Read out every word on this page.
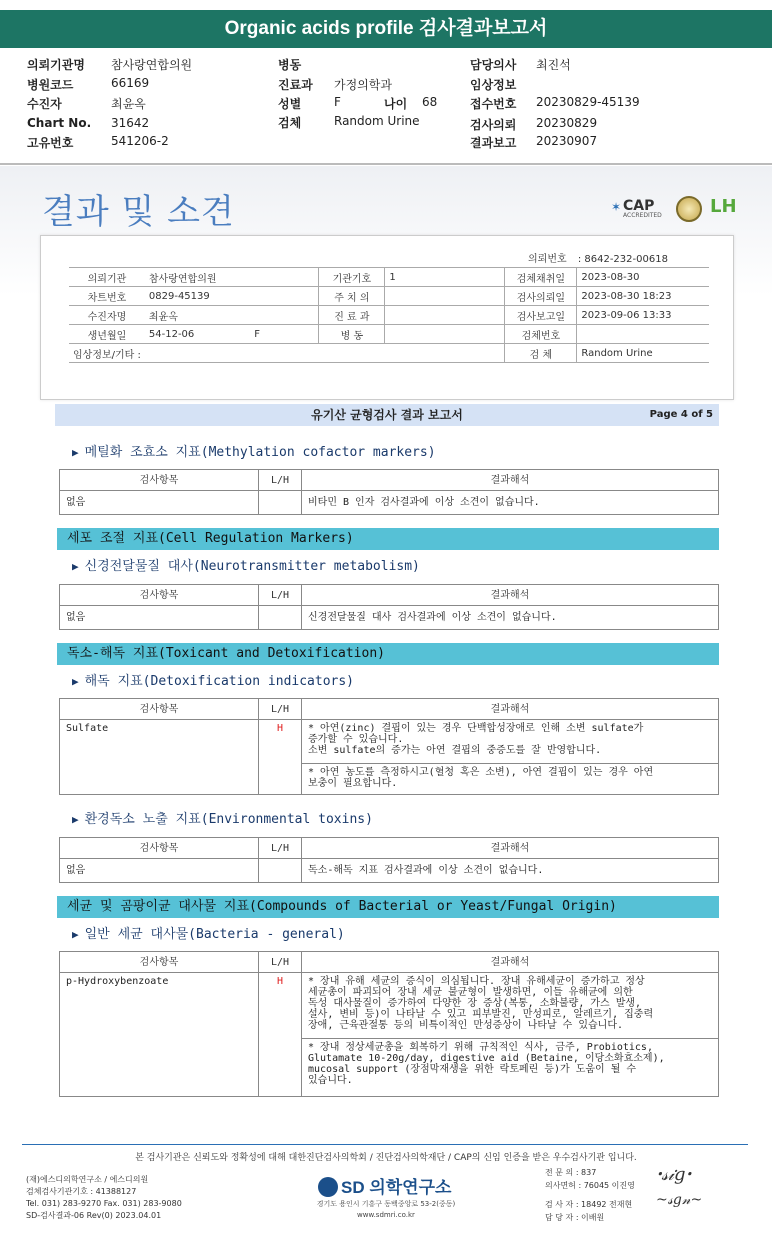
Organic acids profile 검사결과보고서
의뢰기관명 참사랑연합의원
병원코드	66169
수진자	최윤옥
Chart No. 31642
고유번호	541206-2
병동
진료과 가정의학과
성별	F	나이 68
검체	Random Urine
담당의사 최진석
임상정보
접수번호 20230829-45139
검사의뢰 20230829
결과보고 20230907
결과 및 소견	✶ CAP
ACCREDITED	LH
의뢰번호 : 8642-232-00618
의뢰기관	참사랑연합의원	기관기호	1	검체채취일	2023-08-30
차트번호	0829-45139	주 치 의		검사의뢰일	2023-08-30 18:23
수진자명	최윤옥	진 료 과		검사보고일	2023-09-06 13:33
생년월일	54-12-06 F	병 동		검체번호	
임상정보/기타 :				검 체	Random Urine
유기산 균형검사 결과 보고서	Page 4 of 5
▶ 메틸화 조효소 지표(Methylation cofactor markers)
검사항목	L/H	결과해석
없음		비타민 B 인자 검사결과에 이상 소견이 없습니다.
세포 조절 지표(Cell Regulation Markers)
▶ 신경전달물질 대사(Neurotransmitter metabolism)
검사항목	L/H	결과해석
없음		신경전달물질 대사 검사결과에 이상 소견이 없습니다.
독소-해독 지표(Toxicant and Detoxification)
▶ 해독 지표(Detoxification indicators)
검사항목	L/H	결과해석
Sulfate	H	* 아연(zinc) 결핍이 있는 경우 단백합성장애로 인해 소변 sulfate가
증가할 수 있습니다.
소변 sulfate의 증가는 아연 결핍의 중증도를 잘 반영합니다.
		* 아연 농도를 측정하시고(혈청 혹은 소변), 아연 결핍이 있는 경우 아연
보충이 필요합니다.
▶ 환경독소 노출 지표(Environmental toxins)
검사항목	L/H	결과해석
없음		독소-해독 지표 검사결과에 이상 소견이 없습니다.
세균 및 곰팡이균 대사물 지표(Compounds of Bacterial or Yeast/Fungal Origin)
▶ 일반 세균 대사물(Bacteria - general)
검사항목	L/H	결과해석
p-Hydroxybenzoate	H	* 장내 유해 세균의 증식이 의심됩니다. 장내 유해세균이 증가하고 정상
세균총이 파괴되어 장내 세균 불균형이 발생하면, 이들 유해균에 의한
독성 대사물질이 증가하여 다양한 장 증상(복통, 소화불량, 가스 발생,
설사, 변비 등)이 나타날 수 있고 피부발진, 만성피로, 알레르기, 집중력
장애, 근육관절통 등의 비특이적인 만성증상이 나타날 수 있습니다.
		* 장내 정상세균총을 회복하기 위해 규칙적인 식사, 금주, Probiotics,
Glutamate 10-20g/day, digestive aid (Betaine, 이당소화효소제),
mucosal support (장점막재생을 위한 락토페린 등)가 도움이 될 수
있습니다.
본 검사기관은 신뢰도와 정확성에 대해 대한진단검사의학회 / 진단검사의학재단 / CAP의 신임 인증을 받은 우수검사기관 입니다.
(재)에스디의학연구소 / 에스디의원
검체검사기관기호 : 41388127
Tel. 031) 283-9270 Fax. 031) 283-9080
SD-검사결과-06 Rev(0) 2023.04.01
SD 의학연구소
경기도 용인시 기흥구 동백중앙로 53-2(중동)
www.sdmri.co.kr
전 문 의 : 837
의사면허 : 76045 이진영
검 사 자 : 18492 전재현
담 당 자 : 이배원
ꞏ𝓈𝒾𝑔ꞏ
~𝓈𝑔𝓃~
